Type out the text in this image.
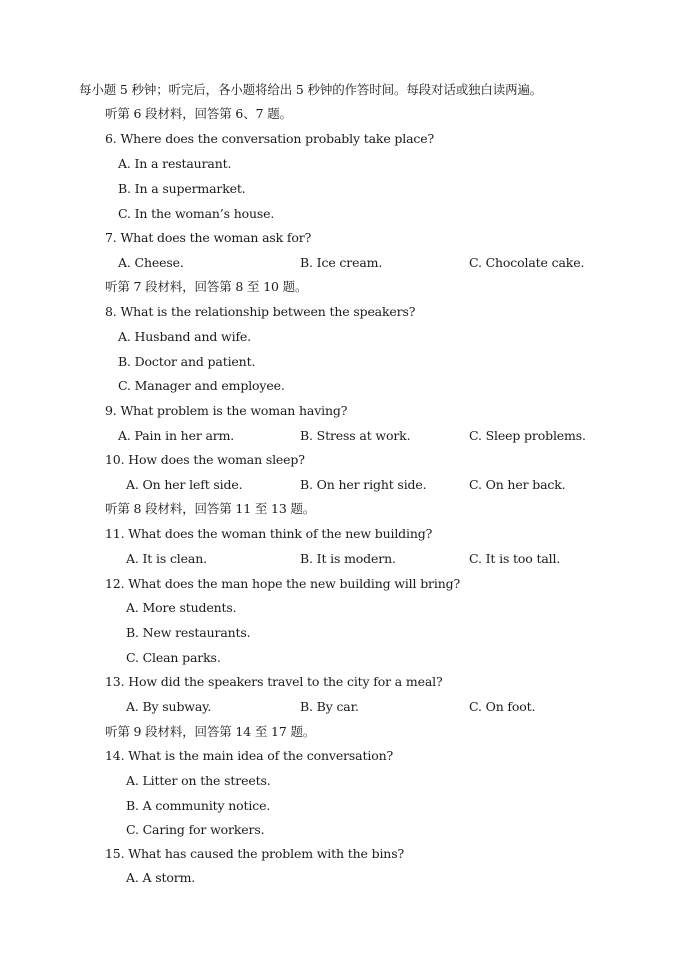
每小题 5 秒钟；听完后，各小题将给出 5 秒钟的作答时间。每段对话或独白读两遍。
听第 6 段材料，回答第 6、7 题。
6. Where does the conversation probably take place?
A. In a restaurant.
B. In a supermarket.
C. In the woman’s house.
7. What does the woman ask for?
A. Cheese.	B. Ice cream.	C. Chocolate cake.
听第 7 段材料，回答第 8 至 10 题。
8. What is the relationship between the speakers?
A. Husband and wife.
B. Doctor and patient.
C. Manager and employee.
9. What problem is the woman having?
A. Pain in her arm.	B. Stress at work.	C. Sleep problems.
10. How does the woman sleep?
A. On her left side.	B. On her right side.	C. On her back.
听第 8 段材料，回答第 11 至 13 题。
11. What does the woman think of the new building?
A. It is clean.	B. It is modern.	C. It is too tall.
12. What does the man hope the new building will bring?
A. More students.
B. New restaurants.
C. Clean parks.
13. How did the speakers travel to the city for a meal?
A. By subway.	B. By car.	C. On foot.
听第 9 段材料，回答第 14 至 17 题。
14. What is the main idea of the conversation?
A. Litter on the streets.
B. A community notice.
C. Caring for workers.
15. What has caused the problem with the bins?
A. A storm.
